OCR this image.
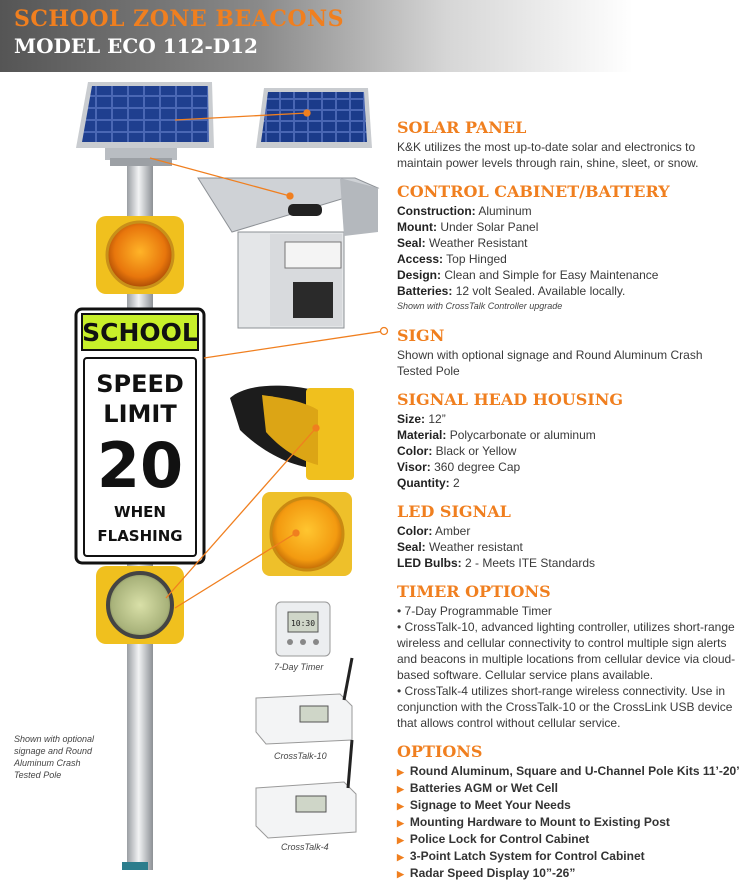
SCHOOL ZONE BEACONS
MODEL ECO 112-D12
SCHOOL
SPEED
LIMIT
20
WHEN
FLASHING
10:30
Shown with optional
signage and Round
Aluminum Crash
Tested Pole
7-Day Timer
CrossTalk-10
CrossTalk-4
SOLAR PANEL

K&K utilizes the most up-to-date solar and electronics to maintain power levels through rain, shine, sleet, or snow.

CONTROL CABINET/BATTERY
Construction: Aluminum
Mount: Under Solar Panel
Seal: Weather Resistant
Access: Top Hinged
Design: Clean and Simple for Easy Maintenance
Batteries: 12 volt Sealed. Available locally.
Shown with CrossTalk Controller upgrade
SIGN

Shown with optional signage and Round Aluminum Crash Tested Pole

SIGNAL HEAD HOUSING
Size: 12”
Material: Polycarbonate or aluminum
Color: Black or Yellow
Visor: 360 degree Cap
Quantity: 2
LED SIGNAL
Color: Amber
Seal: Weather resistant
LED Bulbs: 2 - Meets ITE Standards
TIMER OPTIONS
• 7-Day Programmable Timer
• CrossTalk-10, advanced lighting controller, utilizes short-range wireless and cellular connectivity to control multiple sign alerts and beacons in multiple locations from cellular device via cloud-based software. Cellular service plans available.
• CrossTalk-4 utilizes short-range wireless connectivity. Use in conjunction with the CrossTalk-10 or the CrossLink USB device that allows control without cellular service.
OPTIONS
▶ Round Aluminum, Square and U-Channel Pole Kits 11’-20’
▶ Batteries AGM or Wet Cell
▶ Signage to Meet Your Needs
▶ Mounting Hardware to Mount to Existing Post
▶ Police Lock for Control Cabinet
▶ 3-Point Latch System for Control Cabinet
▶ Radar Speed Display 10”-26”
